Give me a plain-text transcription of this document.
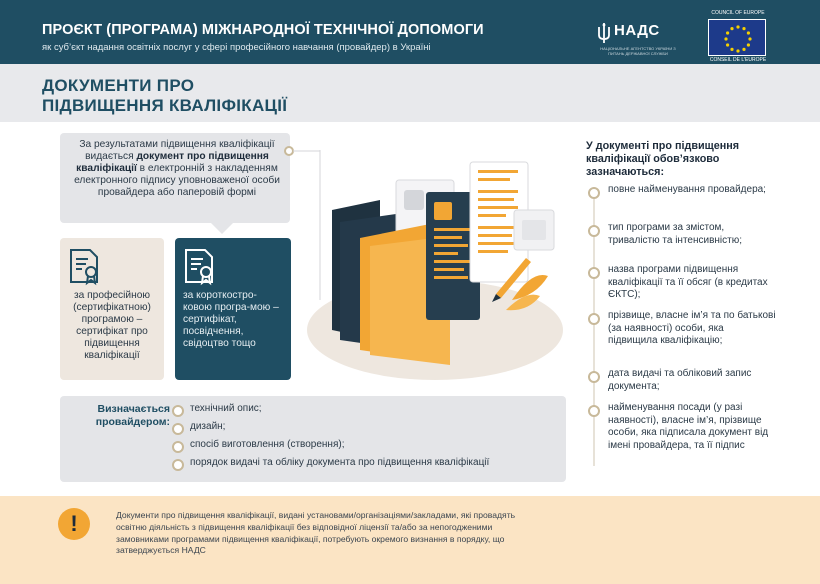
ПРОЄКТ (ПРОГРАМА) МІЖНАРОДНОЇ ТЕХНІЧНОЇ ДОПОМОГИ
як суб’єкт надання освітніх послуг у сфері професійного навчання (провайдер) в Україні
НАДС
НАЦІОНАЛЬНЕ АГЕНТСТВО УКРАЇНИ З ПИТАНЬ ДЕРЖАВНОЇ СЛУЖБИ
COUNCIL OF EUROPE
CONSEIL DE L'EUROPE
ДОКУМЕНТИ ПРО
ПІДВИЩЕННЯ КВАЛІФІКАЦІЇ
За результатами підвищення кваліфікації видається документ про підвищення кваліфікації в електронній з накладенням електронного підпису уповноваженої особи провайдера або паперовій формі
за професійною (сертифікатною) програмою – сертифікат про підвищення кваліфікації
за короткостро-ковою програ-мою – сертифікат, посвідчення, свідоцтво тощо
Визначається провайдером:
технічний опис;
дизайн;
спосіб виготовлення (створення);
порядок видачі та обліку документа про підвищення кваліфікації
У документі про підвищення кваліфікації обов’язково зазначаються:
повне найменування провайдера;
тип програми за змістом, тривалістю та інтенсивністю;
назва програми підвищення кваліфікації та її обсяг (в кредитах ЄКТС);
прізвище, власне ім’я та по батькові (за наявності) особи, яка підвищила кваліфікацію;
дата видачі та обліковий запис документа;
найменування посади (у разі наявності), власне ім’я, прізвище особи, яка підписала документ від імені провайдера, та її підпис
!	Документи про підвищення кваліфікації, видані установами/організаціями/закладами, які провадять освітню діяльність з підвищення кваліфікації без відповідної ліцензії та/або за непогодженими замовниками програмами підвищення кваліфікації, потребують окремого визнання в порядку, що затверджується НАДС
